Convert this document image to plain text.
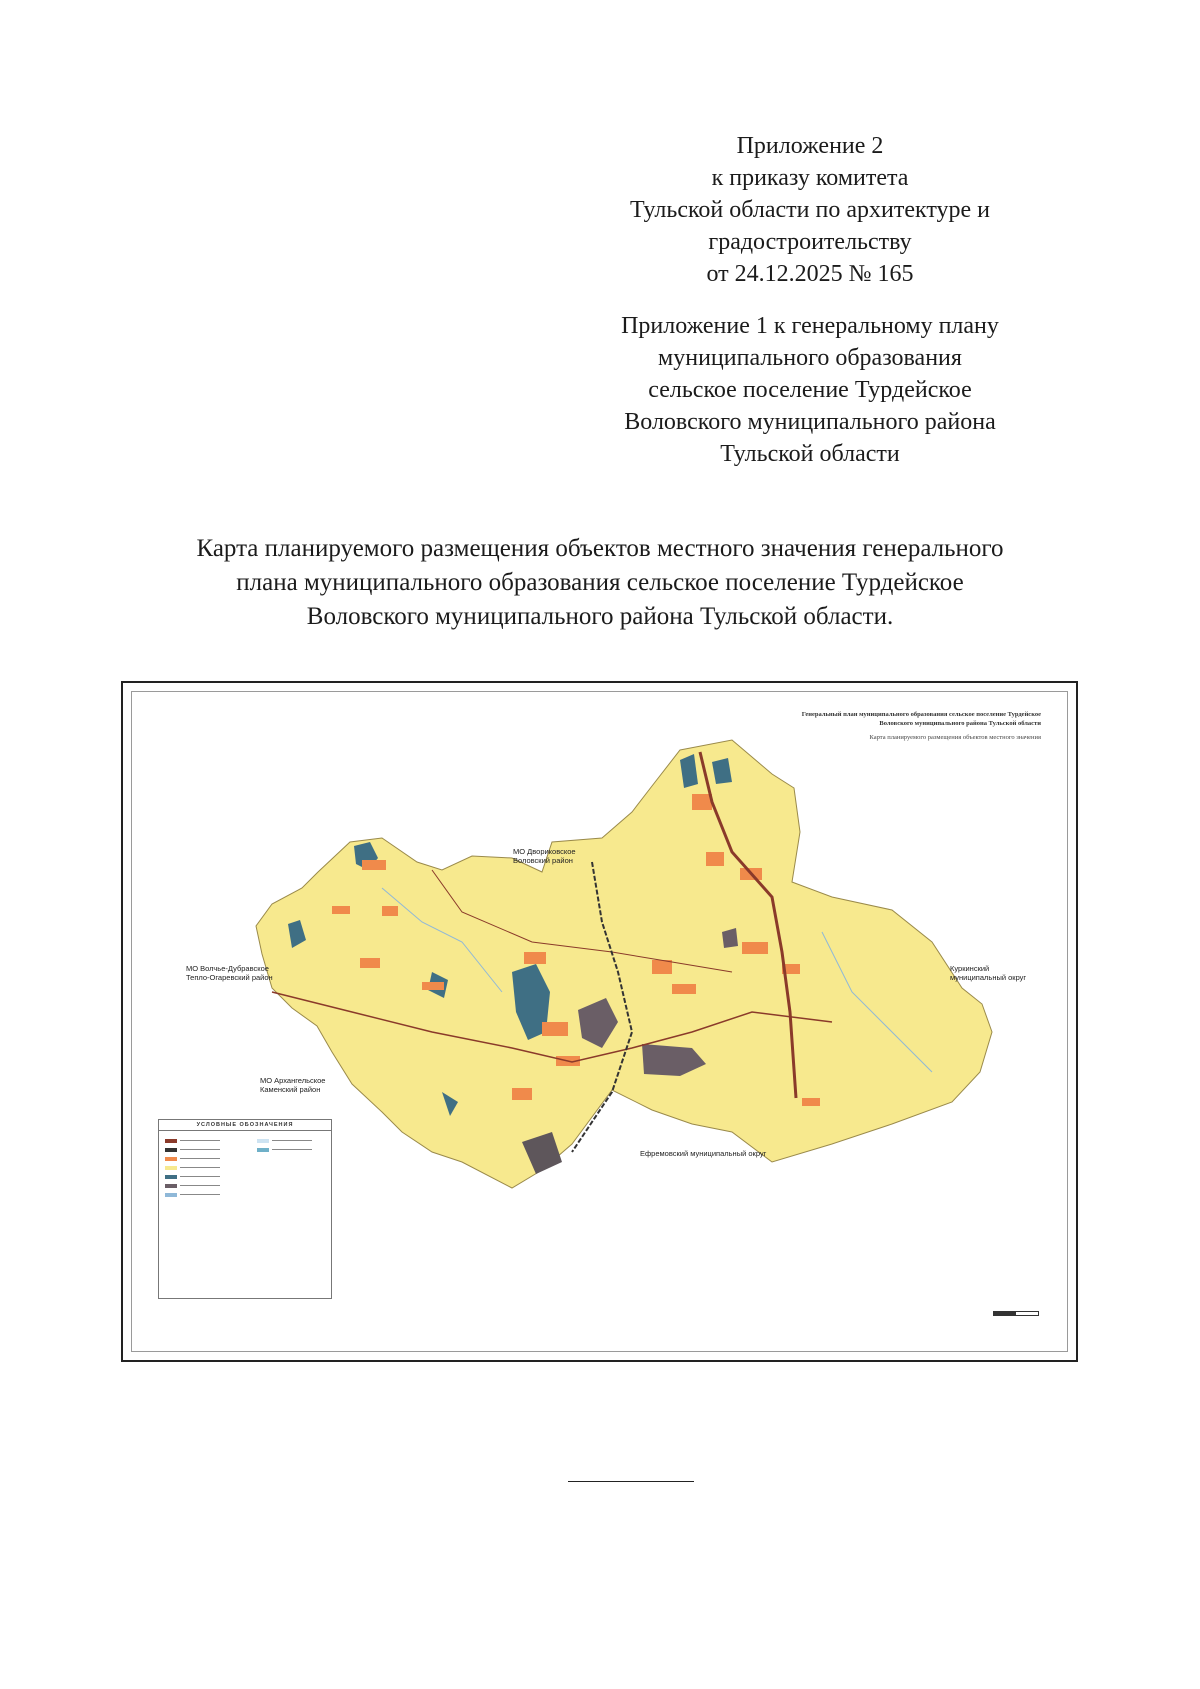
Приложение 2
к приказу комитета
Тульской области по архитектуре и
градостроительству
от 24.12.2025 № 165
Приложение 1 к генеральному плану
муниципального образования
сельское поселение Турдейское
Воловского муниципального района
Тульской области
Карта планируемого размещения объектов местного значения генерального
плана муниципального образования сельское поселение Турдейское
Воловского муниципального района Тульской области.
Генеральный план муниципального образования сельское поселение Турдейское
Воловского муниципального района Тульской области
Карта планируемого размещения объектов местного значения
МО Двориковское
Воловский район
МО Волчье-Дубравское
Тепло-Огаревский район
МО Архангельское
Каменский район
Куркинский
муниципальный округ
Ефремовский муниципальный округ
УСЛОВНЫЕ ОБОЗНАЧЕНИЯ
